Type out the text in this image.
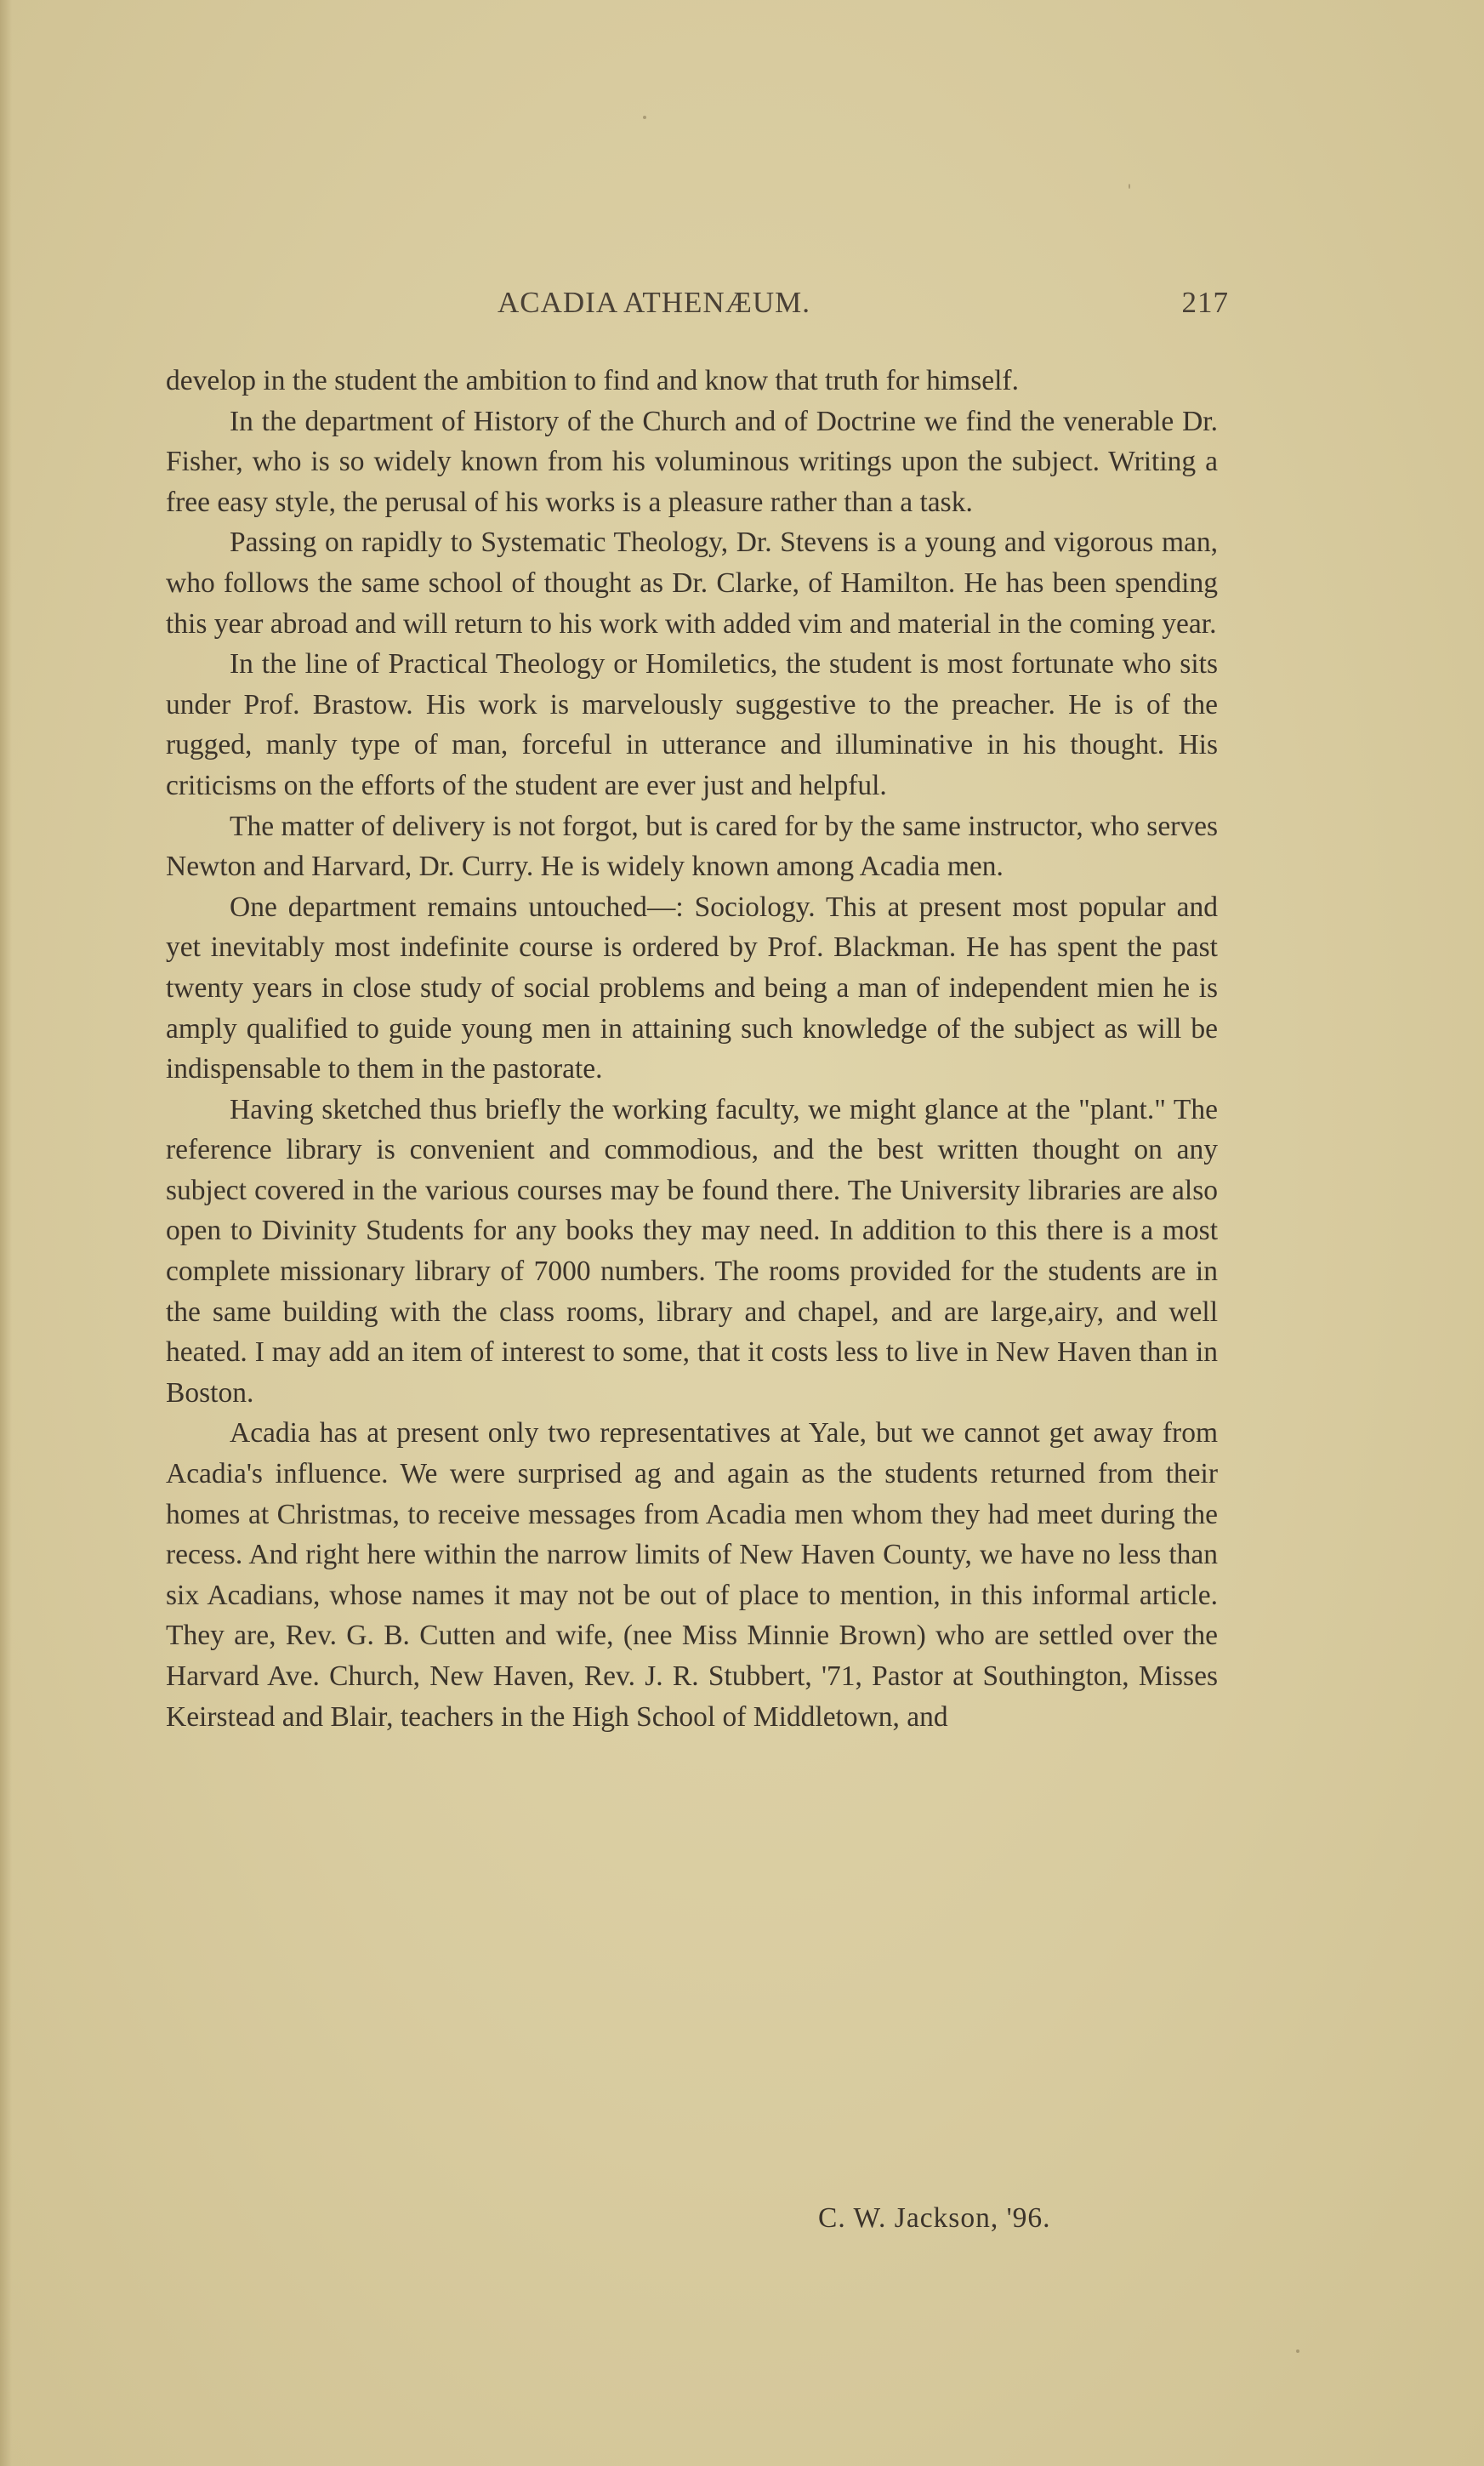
ACADIA ATHENÆUM.	217

develop in the student the ambition to find and know that truth for himself.

In the department of History of the Church and of Doctrine we find the venerable Dr. Fisher, who is so widely known from his voluminous writings upon the subject. Writing a free easy style, the perusal of his works is a pleasure rather than a task.

Passing on rapidly to Systematic Theology, Dr. Stevens is a young and vigorous man, who follows the same school of thought as Dr. Clarke, of Hamilton. He has been spending this year abroad and will return to his work with added vim and material in the coming year.

In the line of Practical Theology or Homiletics, the student is most fortunate who sits under Prof. Brastow. His work is marvelously suggestive to the preacher. He is of the rugged, manly type of man, forceful in utterance and illuminative in his thought. His criticisms on the efforts of the student are ever just and helpful.

The matter of delivery is not forgot, but is cared for by the same instructor, who serves Newton and Harvard, Dr. Curry. He is widely known among Acadia men.

One department remains untouched—: Sociology. This at present most popular and yet inevitably most indefinite course is ordered by Prof. Blackman. He has spent the past twenty years in close study of social problems and being a man of independent mien he is amply qualified to guide young men in attaining such knowledge of the subject as will be indispensable to them in the pastorate.

Having sketched thus briefly the working faculty, we might glance at the "plant." The reference library is convenient and commodious, and the best written thought on any subject covered in the various courses may be found there. The University libraries are also open to Divinity Students for any books they may need. In addition to this there is a most complete missionary library of 7000 numbers. The rooms provided for the students are in the same building with the class rooms, library and chapel, and are large,airy, and well heated. I may add an item of interest to some, that it costs less to live in New Haven than in Boston.

Acadia has at present only two representatives at Yale, but we cannot get away from Acadia's influence. We were surprised ag and again as the students returned from their homes at Christmas, to receive messages from Acadia men whom they had meet during the recess. And right here within the narrow limits of New Haven County, we have no less than six Acadians, whose names it may not be out of place to mention, in this informal article. They are, Rev. G. B. Cutten and wife, (nee Miss Minnie Brown) who are settled over the Harvard Ave. Church, New Haven, Rev. J. R. Stubbert, '71, Pastor at Southington, Misses Keirstead and Blair, teachers in the High School of Middletown, and

C. W. Jackson, '96.
